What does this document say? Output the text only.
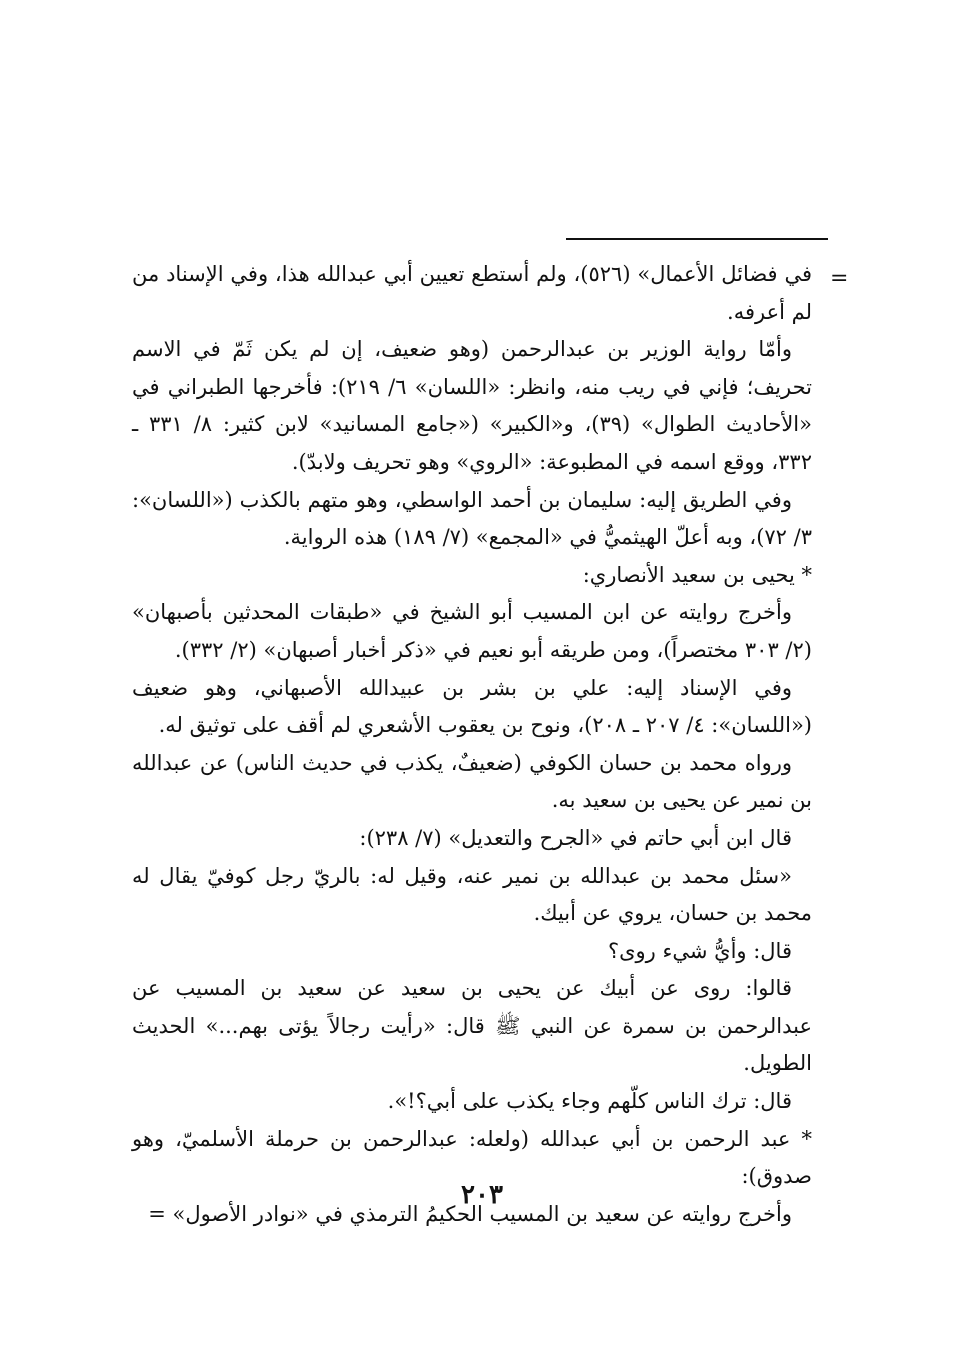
=

في فضائل الأعمال» (٥٢٦)، ولم أستطع تعيين أبي عبدالله هذا، وفي الإسناد من لم أعرفه.

وأمّا رواية الوزير بن عبدالرحمن (وهو ضعيف، إن لم يكن ثَمّ في الاسم تحريف؛ فإني في ريب منه، وانظر: «اللسان» ٦/ ٢١٩): فأخرجها الطبراني في «الأحاديث الطوال» (٣٩)، و«الكبير» («جامع المسانيد» لابن كثير: ٨/ ٣٣١ ـ ٣٣٢، ووقع اسمه في المطبوعة: «الروي» وهو تحريف ولابدّ).

وفي الطريق إليه: سليمان بن أحمد الواسطي، وهو متهم بالكذب («اللسان»: ٣/ ٧٢)، وبه أعلّ الهيثميُّ في «المجمع» (٧/ ١٨٩) هذه الرواية.

* يحيى بن سعيد الأنصاري:

وأخرج روايته عن ابن المسيب أبو الشيخ في «طبقات المحدثين بأصبهان» (٢/ ٣٠٣ مختصراً)، ومن طريقه أبو نعيم في «ذكر أخبار أصبهان» (٢/ ٣٣٢).

وفي الإسناد إليه: علي بن بشر بن عبيدالله الأصبهاني، وهو ضعيف («اللسان»: ٤/ ٢٠٧ ـ ٢٠٨)، ونوح بن يعقوب الأشعري لم أقف على توثيق له.

ورواه محمد بن حسان الكوفي (ضعيفٌ، يكذب في حديث الناس) عن عبدالله بن نمير عن يحيى بن سعيد به.

قال ابن أبي حاتم في «الجرح والتعديل» (٧/ ٢٣٨):

«سئل محمد بن عبدالله بن نمير عنه، وقيل له: بالريّ رجل كوفيّ يقال له محمد بن حسان، يروي عن أبيك.

قال: وأيُّ شيء روى؟

قالوا: روى عن أبيك عن يحيى بن سعيد عن سعيد بن المسيب عن عبدالرحمن بن سمرة عن النبي ﷺ قال: «رأيت رجالاً يؤتى بهم...» الحديث الطويل.

قال: ترك الناس كلّهم وجاء يكذب على أبي؟!».

* عبد الرحمن بن أبي عبدالله (ولعله: عبدالرحمن بن حرملة الأسلميّ، وهو صدوق):

وأخرج روايته عن سعيد بن المسيب الحكيمُ الترمذي في «نوادر الأصول» =

٢٠٣
